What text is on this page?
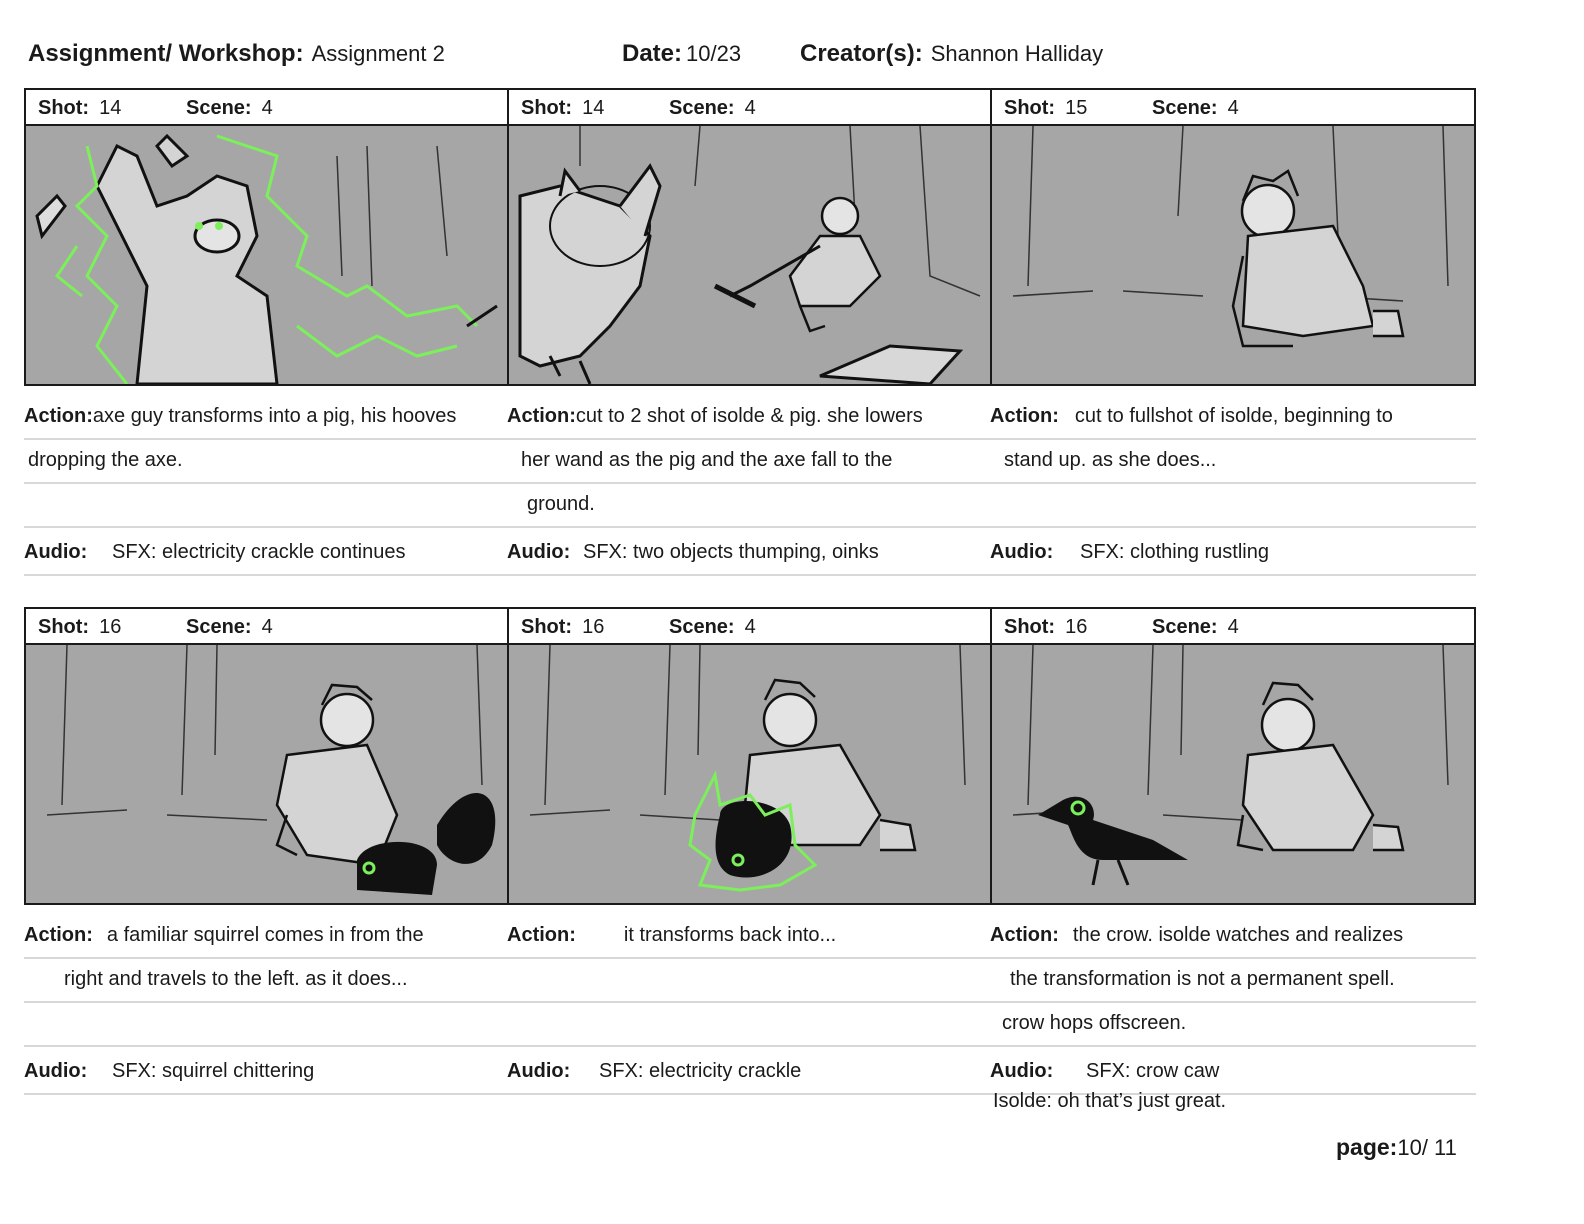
Assignment/ Workshop: Assignment 2	Date: 10/23 Creator(s): Shannon Halliday
Shot: 14	Scene: 4
Action:axe guy transforms into a pig, his hooves
dropping the axe.
Audio: SFX: electricity crackle continues
Shot: 14	Scene: 4
Action:cut to 2 shot of isolde & pig. she lowers
her wand as the pig and the axe fall to the
ground.
Audio: SFX: two objects thumping, oinks
Shot: 15	Scene: 4
Action: cut to fullshot of isolde, beginning to
stand up. as she does...
Audio: SFX: clothing rustling
Shot: 16	Scene: 4
Action: a familiar squirrel comes in from the
right and travels to the left. as it does...
Audio: SFX: squirrel chittering
Shot: 16	Scene: 4
Action: it transforms back into...
Audio: SFX: electricity crackle
Shot: 16	Scene: 4
Action: the crow. isolde watches and realizes
the transformation is not a permanent spell.
crow hops offscreen.
Audio: SFX: crow caw
Isolde: oh that’s just great.
page:10/ 11
